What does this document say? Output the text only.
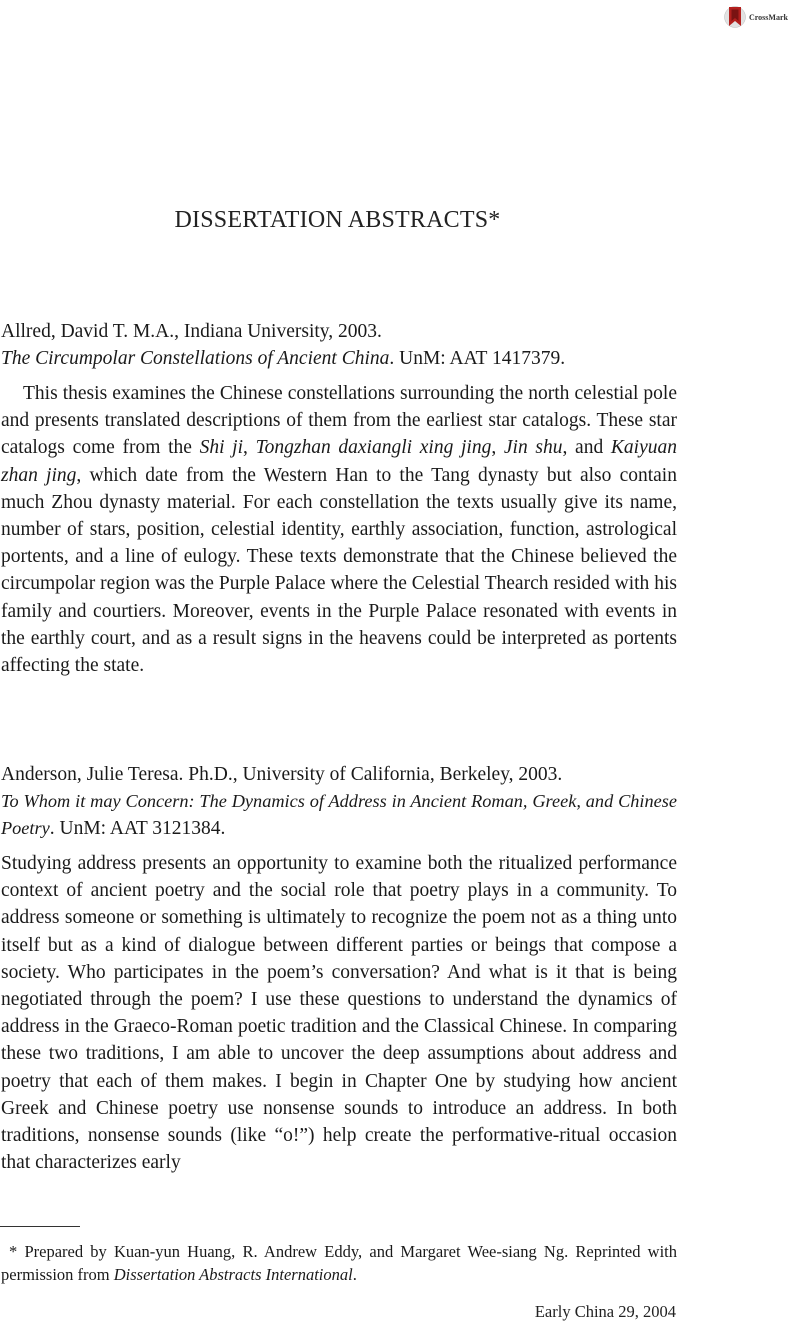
CrossMark
DISSERTATION ABSTRACTS*

Allred, David T. M.A., Indiana University, 2003.

The Circumpolar Constellations of Ancient China. UnM: AAT 1417379.

This thesis examines the Chinese constellations surrounding the north celestial pole and presents translated descriptions of them from the earliest star catalogs. These star catalogs come from the Shi ji, Tongzhan daxiangli xing jing, Jin shu, and Kaiyuan zhan jing, which date from the Western Han to the Tang dynasty but also contain much Zhou dynasty material. For each constellation the texts usually give its name, number of stars, position, celestial identity, earthly association, function, astrological portents, and a line of eulogy. These texts demonstrate that the Chinese believed the circumpolar region was the Purple Palace where the Celestial Thearch resided with his family and courtiers. Moreover, events in the Purple Palace resonated with events in the earthly court, and as a result signs in the heavens could be interpreted as portents affecting the state.

Anderson, Julie Teresa. Ph.D., University of California, Berkeley, 2003.

To Whom it may Concern: The Dynamics of Address in Ancient Roman, Greek, and Chinese Poetry. UnM: AAT 3121384.

Studying address presents an opportunity to examine both the ritualized performance context of ancient poetry and the social role that poetry plays in a community. To address someone or something is ultimately to recognize the poem not as a thing unto itself but as a kind of dialogue between different parties or beings that compose a society. Who participates in the poem’s conversation? And what is it that is being negotiated through the poem? I use these questions to understand the dynamics of address in the Graeco-Roman poetic tradition and the Classical Chinese. In comparing these two traditions, I am able to uncover the deep assumptions about address and poetry that each of them makes. I begin in Chapter One by studying how ancient Greek and Chinese poetry use nonsense sounds to introduce an address. In both traditions, nonsense sounds (like “o!”) help create the performative-ritual occasion that characterizes early

* Prepared by Kuan-yun Huang, R. Andrew Eddy, and Margaret Wee-siang Ng. Reprinted with permission from Dissertation Abstracts International.

Early China 29, 2004
